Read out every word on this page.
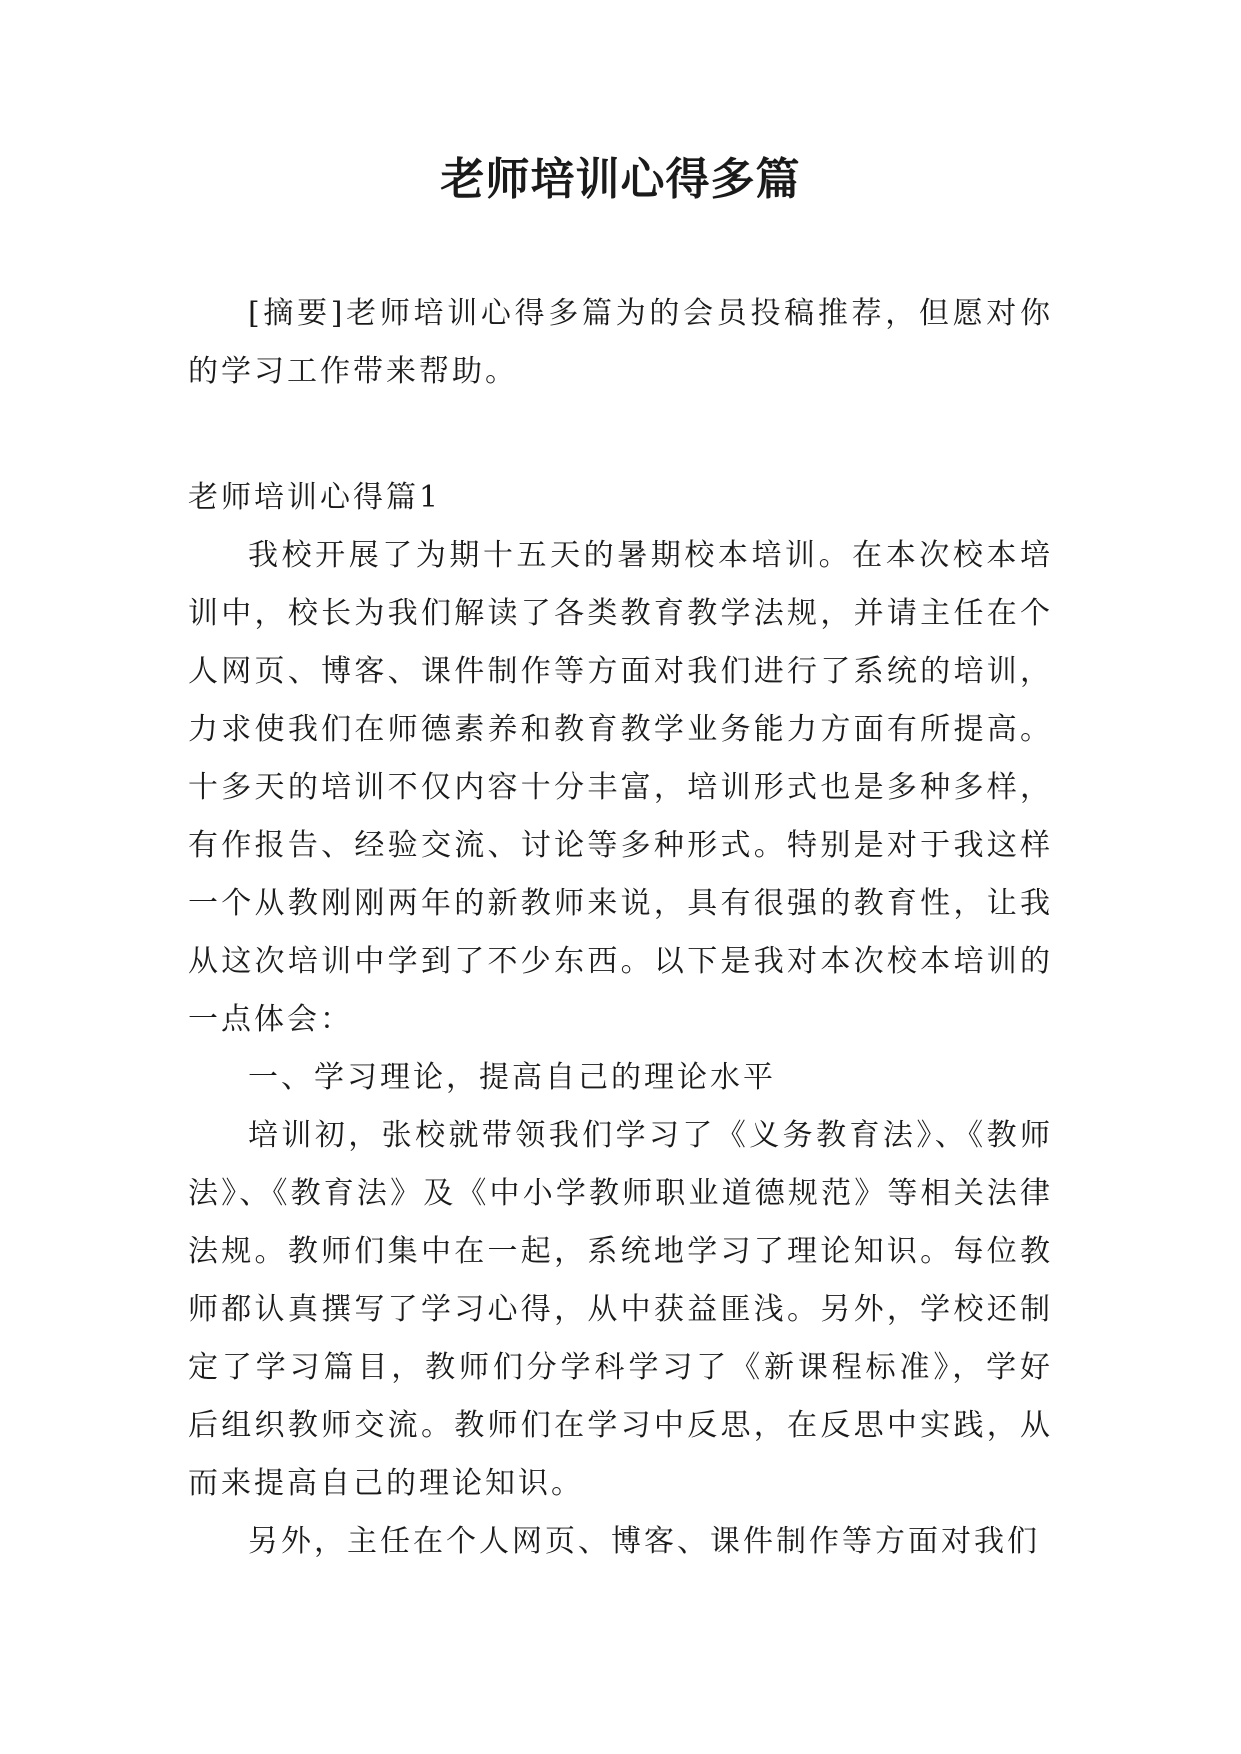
老师培训心得多篇

[摘要]老师培训心得多篇为的会员投稿推荐，但愿对你的学习工作带来帮助。

老师培训心得篇1

我校开展了为期十五天的暑期校本培训。在本次校本培训中，校长为我们解读了各类教育教学法规，并请主任在个人网页、博客、课件制作等方面对我们进行了系统的培训，力求使我们在师德素养和教育教学业务能力方面有所提高。十多天的培训不仅内容十分丰富，培训形式也是多种多样，有作报告、经验交流、讨论等多种形式。特别是对于我这样一个从教刚刚两年的新教师来说，具有很强的教育性，让我从这次培训中学到了不少东西。以下是我对本次校本培训的一点体会：

一、学习理论，提高自己的理论水平

培训初，张校就带领我们学习了《义务教育法》、《教师法》、《教育法》及《中小学教师职业道德规范》等相关法律法规。教师们集中在一起，系统地学习了理论知识。每位教师都认真撰写了学习心得，从中获益匪浅。另外，学校还制定了学习篇目，教师们分学科学习了《新课程标准》，学好后组织教师交流。教师们在学习中反思，在反思中实践，从而来提高自己的理论知识。

另外，主任在个人网页、博客、课件制作等方面对我们
